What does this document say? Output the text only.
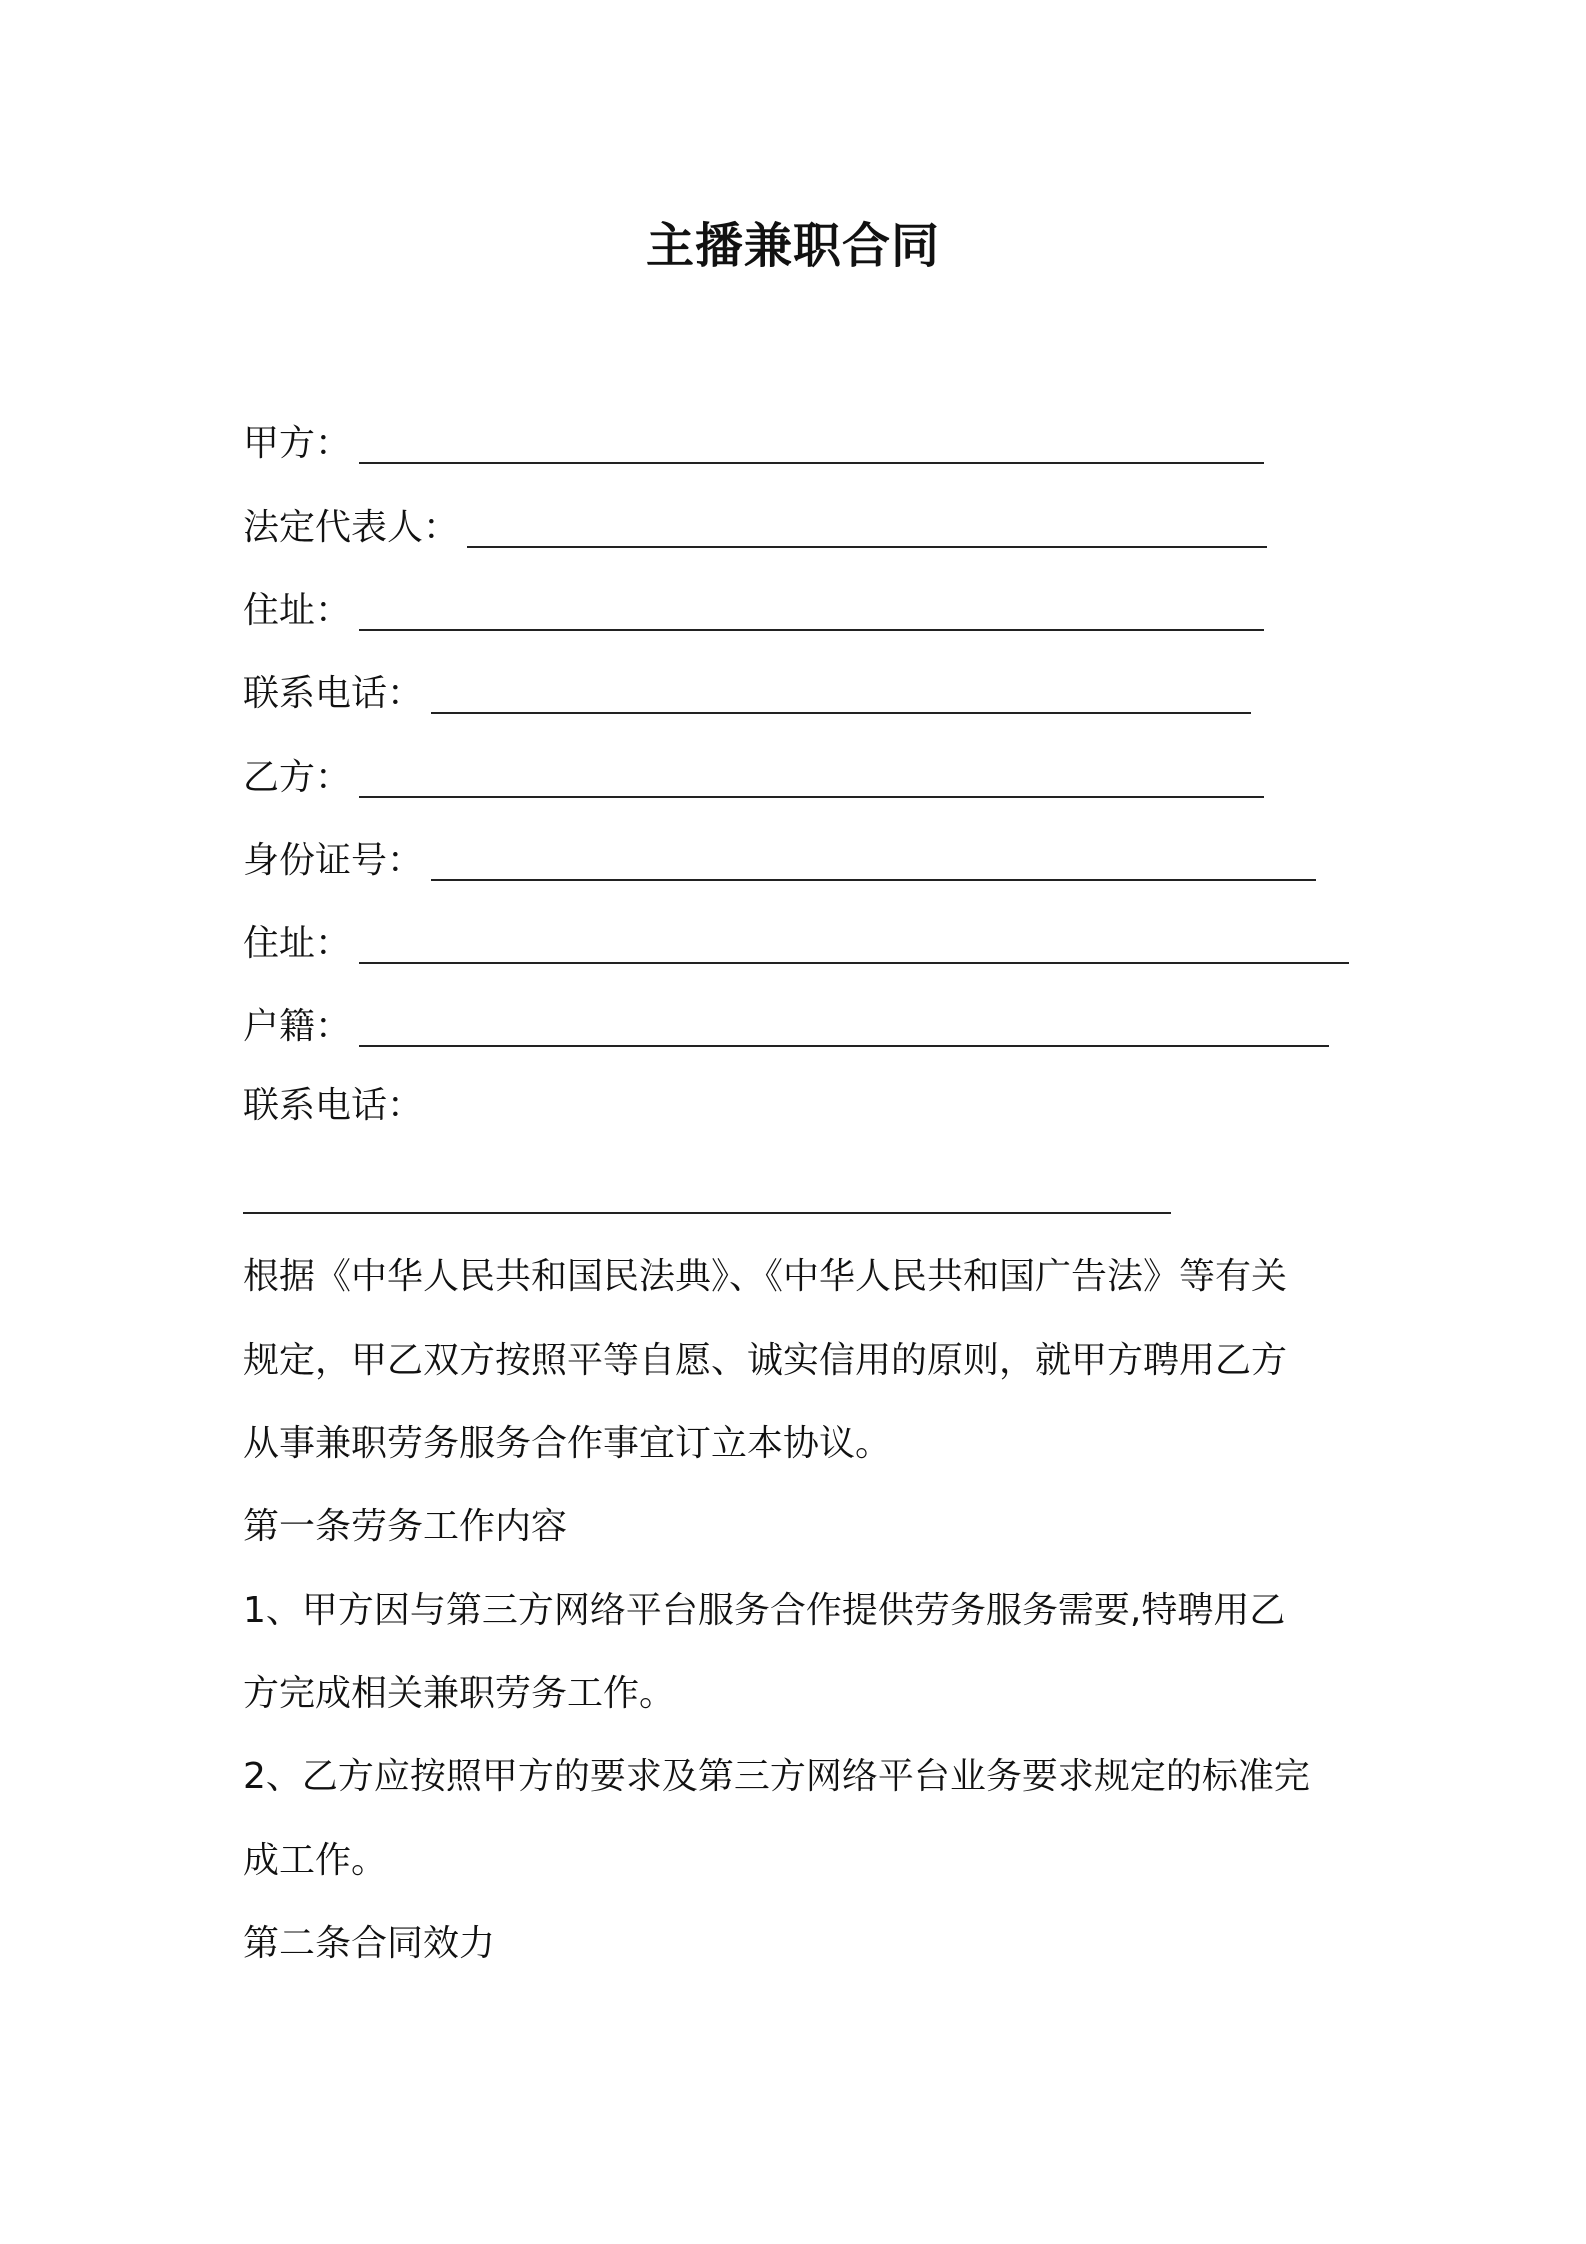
主播兼职合同
甲方：
法定代表人：
住址：
联系电话：
乙方：
身份证号：
住址：
户籍：
联系电话：
根据《中华人民共和国民法典》、《中华人民共和国广告法》等有关
规定，甲乙双方按照平等自愿、诚实信用的原则，就甲方聘用乙方
从事兼职劳务服务合作事宜订立本协议。
第一条劳务工作内容
1、甲方因与第三方网络平台服务合作提供劳务服务需要,特聘用乙
方完成相关兼职劳务工作。
2、乙方应按照甲方的要求及第三方网络平台业务要求规定的标准完
成工作。
第二条合同效力
